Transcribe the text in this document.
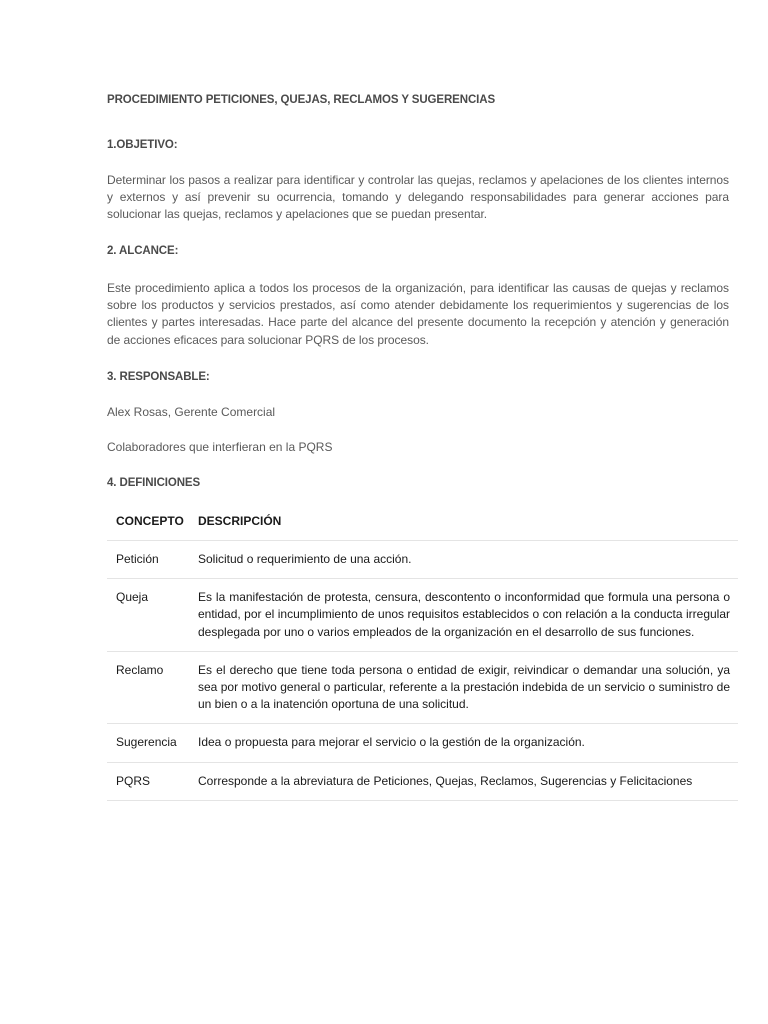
PROCEDIMIENTO PETICIONES, QUEJAS, RECLAMOS Y SUGERENCIAS
1.OBJETIVO:
Determinar los pasos a realizar para identificar y controlar las quejas, reclamos y apelaciones de los clientes internos y externos y así prevenir su ocurrencia, tomando y delegando responsabilidades para generar acciones para solucionar las quejas, reclamos y apelaciones que se puedan presentar.
2. ALCANCE:
Este procedimiento aplica a todos los procesos de la organización, para identificar las causas de quejas y reclamos sobre los productos y servicios prestados, así como atender debidamente los requerimientos y sugerencias de los clientes y partes interesadas. Hace parte del alcance del presente documento la recepción y atención y generación de acciones eficaces para solucionar PQRS de los procesos.
3. RESPONSABLE:
Alex Rosas, Gerente Comercial
Colaboradores que interfieran en la PQRS
4. DEFINICIONES
CONCEPTO	DESCRIPCIÓN
Petición	Solicitud o requerimiento de una acción.
Queja	Es la manifestación de protesta, censura, descontento o inconformidad que formula una persona o entidad, por el incumplimiento de unos requisitos establecidos o con relación a la conducta irregular desplegada por uno o varios empleados de la organización en el desarrollo de sus funciones.
Reclamo	Es el derecho que tiene toda persona o entidad de exigir, reivindicar o demandar una solución, ya sea por motivo general o particular, referente a la prestación indebida de un servicio o suministro de un bien o a la inatención oportuna de una solicitud.
Sugerencia	Idea o propuesta para mejorar el servicio o la gestión de la organización.
PQRS	Corresponde a la abreviatura de Peticiones, Quejas, Reclamos, Sugerencias y Felicitaciones
